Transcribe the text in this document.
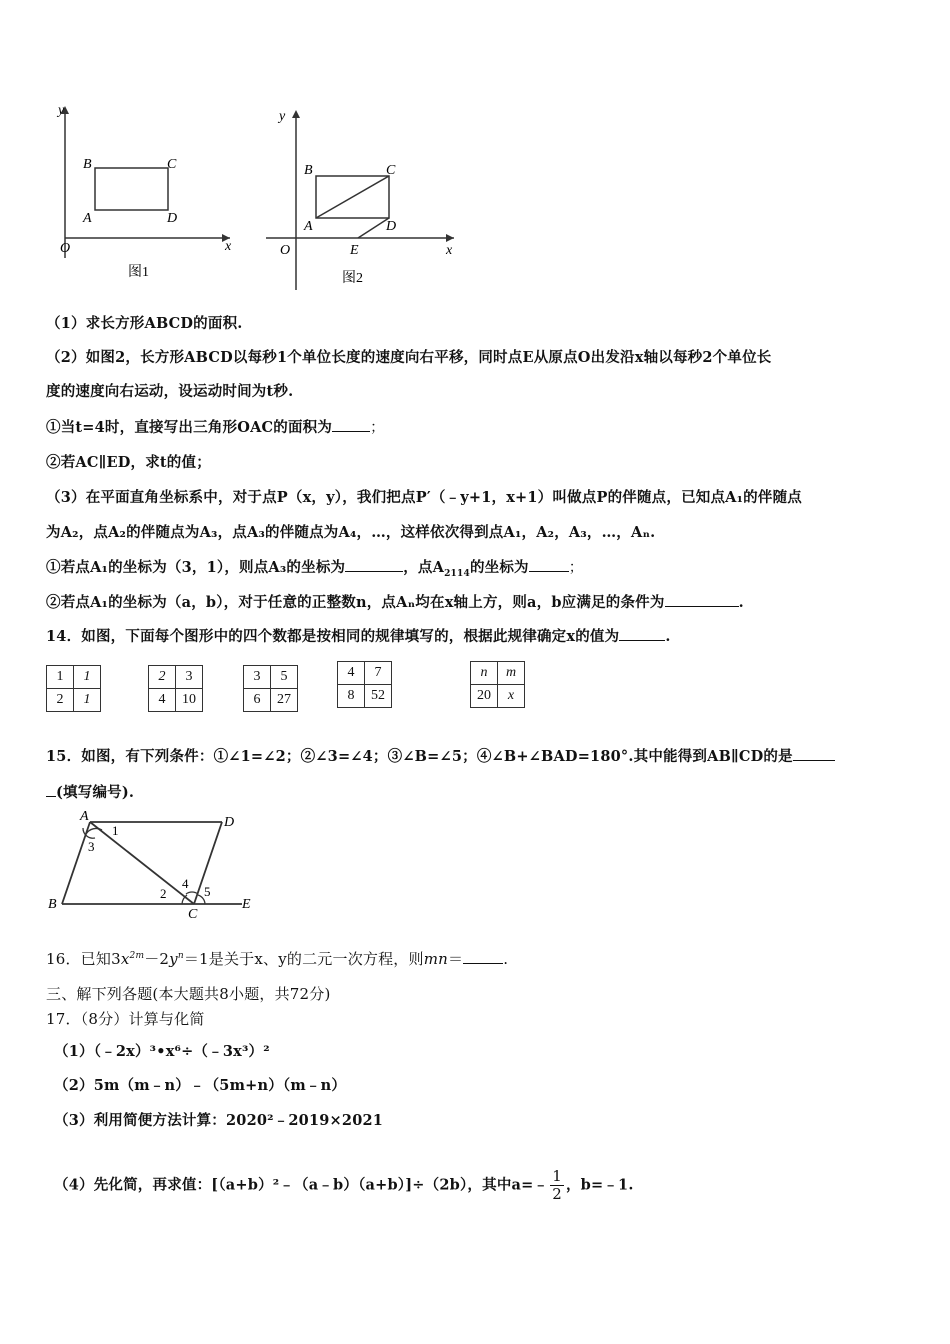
y
x
O
A
B	C
D
图1
y
x
O
A
B	C
D
E
图2
（1）求长方形ABCD的面积.
（2）如图2，长方形ABCD以每秒1个单位长度的速度向右平移，同时点E从原点O出发沿x轴以每秒2个单位长
度的速度向右运动，设运动时间为t秒.
①当t=4时，直接写出三角形OAC的面积为	；
②若AC∥ED，求t的值；
（3）在平面直角坐标系中，对于点P（x，y），我们把点P′（﹣y+1，x+1）叫做点P的伴随点，已知点A₁的伴随点
为A₂，点A₂的伴随点为A₃，点A₃的伴随点为A₄，…，这样依次得到点A₁，A₂，A₃，…，Aₙ.
①若点A₁的坐标为（3，1），则点A₃的坐标为	，点$A_{2114}$的坐标为	；
②若点A₁的坐标为（a，b），对于任意的正整数n，点Aₙ均在x轴上方，则a，b应满足的条件为	.
14．如图，下面每个图形中的四个数都是按相同的规律填写的，根据此规律确定x的值为	.
1	1
2	1
2	3
4	10
3	5
6	27
4	7
8	52
n	m
20	x
15．如图，有下列条件：①∠1=∠2；②∠3=∠4；③∠B=∠5；④∠B+∠BAD=180°.其中能得到AB∥CD的是
(填写编号).
A	D
B
C
E
1
3
2
4
5
16．已知$3x^{2m}-2y^n=1$是关于x、y的二元一次方程，则mn＝	.
三、解下列各题(本大题共8小题，共72分)
17．（8分）计算与化简
（1）（﹣2x）³•x⁶÷（﹣3x³）²
（2）5m（m﹣n）﹣（5m+n）（m﹣n）
（3）利用简便方法计算：2020²﹣2019×2021
（4）先化简，再求值：[（a+b）²﹣（a﹣b）（a+b）]÷（2b），其中a=﹣ $\frac{1}{2}$ ，b=﹣1.
